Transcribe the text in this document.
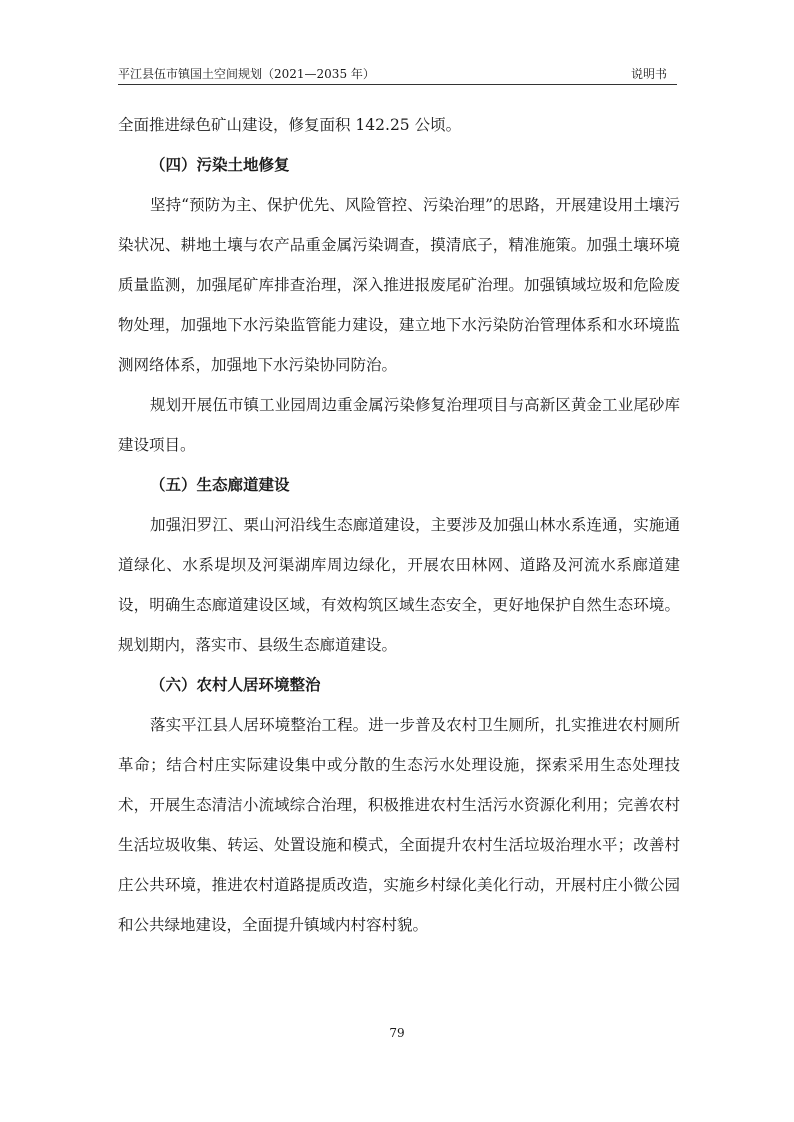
平江县伍市镇国土空间规划（2021—2035 年）	说明书

全面推进绿色矿山建设，修复面积 142.25 公顷。

（四）污染土地修复

坚持“预防为主、保护优先、风险管控、污染治理”的思路，开展建设用土壤污染状况、耕地土壤与农产品重金属污染调查，摸清底子，精准施策。加强土壤环境质量监测，加强尾矿库排查治理，深入推进报废尾矿治理。加强镇域垃圾和危险废物处理，加强地下水污染监管能力建设，建立地下水污染防治管理体系和水环境监测网络体系，加强地下水污染协同防治。

规划开展伍市镇工业园周边重金属污染修复治理项目与高新区黄金工业尾砂库建设项目。

（五）生态廊道建设

加强汨罗江、栗山河沿线生态廊道建设，主要涉及加强山林水系连通，实施通道绿化、水系堤坝及河渠湖库周边绿化，开展农田林网、道路及河流水系廊道建设，明确生态廊道建设区域，有效构筑区域生态安全，更好地保护自然生态环境。规划期内，落实市、县级生态廊道建设。

（六）农村人居环境整治

落实平江县人居环境整治工程。进一步普及农村卫生厕所，扎实推进农村厕所革命；结合村庄实际建设集中或分散的生态污水处理设施，探索采用生态处理技术，开展生态清洁小流域综合治理，积极推进农村生活污水资源化利用；完善农村生活垃圾收集、转运、处置设施和模式，全面提升农村生活垃圾治理水平；改善村庄公共环境，推进农村道路提质改造，实施乡村绿化美化行动，开展村庄小微公园和公共绿地建设，全面提升镇域内村容村貌。

79
